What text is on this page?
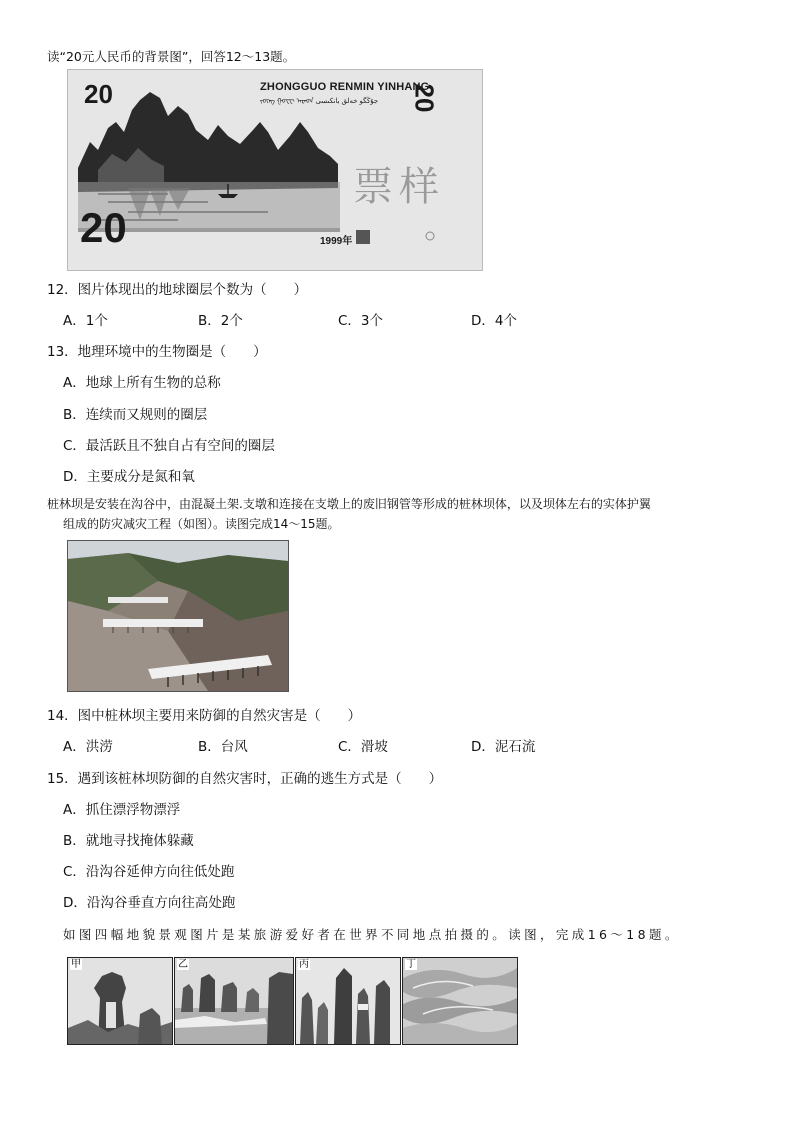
读“20元人民币的背景图”，回答12～13题。
20
20
ZHONGGUO RENMIN YINHANG
ᠵᠦᠩ ᠭᠤᠸᠧ ᠠᠷᠠᠳ جۇڭگو خەلق بانكىسى 20
票样
1999年
12．图片体现出的地球圈层个数为（　　）
A．1个	B．2个	C．3个	D．4个
13．地理环境中的生物圈是（　　）
A．地球上所有生物的总称
B．连续而又规则的圈层
C．最活跃且不独自占有空间的圈层
D．主要成分是氮和氧
桩林坝是安装在沟谷中，由混凝土架.支墩和连接在支墩上的废旧钢管等形成的桩林坝体，以及坝体左右的实体护翼
组成的防灾减灾工程（如图）。读图完成14～15题。
14．图中桩林坝主要用来防御的自然灾害是（　　）
A．洪涝	B．台风	C．滑坡	D．泥石流
15．遇到该桩林坝防御的自然灾害时，正确的逃生方式是（　　）
A．抓住漂浮物漂浮
B．就地寻找掩体躲藏
C．沿沟谷延伸方向往低处跑
D．沿沟谷垂直方向往高处跑
如图四幅地貌景观图片是某旅游爱好者在世界不同地点拍摄的。读图，完成16～18题。
甲	乙	丙	丁
